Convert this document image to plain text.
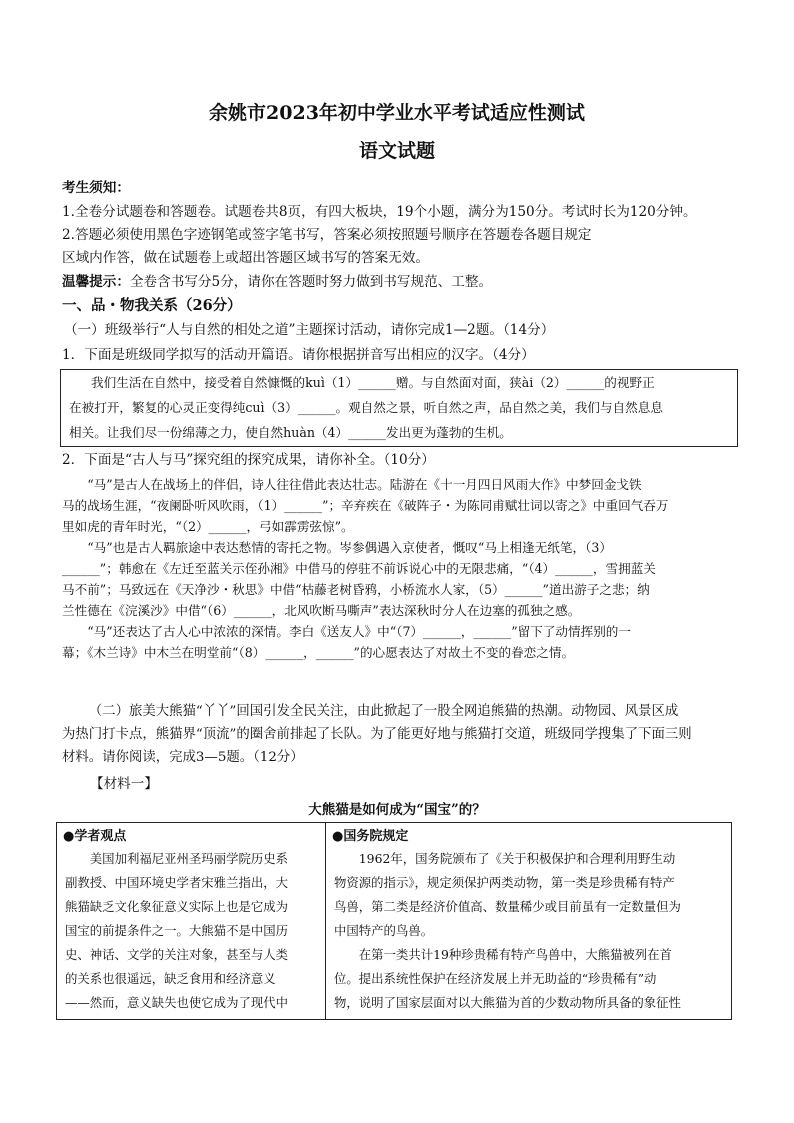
余姚市2023年初中学业水平考试适应性测试
语文试题
考生须知：
1.全卷分试题卷和答题卷。试题卷共8页，有四大板块，19个小题，满分为150分。考试时长为120分钟。
2.答题必须使用黑色字迹钢笔或签字笔书写，答案必须按照题号顺序在答题卷各题目规定
区域内作答，做在试题卷上或超出答题区域书写的答案无效。
温馨提示：全卷含书写分5分，请你在答题时努力做到书写规范、工整。
一、品・物我关系（26分）
（一）班级举行“人与自然的相处之道”主题探讨活动，请你完成1—2题。（14分）
1．下面是班级同学拟写的活动开篇语。请你根据拼音写出相应的汉字。（4分）
我们生活在自然中，接受着自然慷慨的kuì（1）______赠。与自然面对面，狭ài（2）______的视野正
在被打开，繁复的心灵正变得纯cuì（3）______。观自然之景，听自然之声，品自然之美，我们与自然息息
相关。让我们尽一份绵薄之力，使自然huàn（4）______发出更为蓬勃的生机。
2．下面是“古人与马”探究组的探究成果，请你补全。（10分）

“马”是古人在战场上的伴侣，诗人往往借此表达壮志。陆游在《十一月四日风雨大作》中梦回金戈铁

马的战场生涯，“夜阑卧听风吹雨，（1）______”；辛弃疾在《破阵子・为陈同甫赋壮词以寄之》中重回气吞万

里如虎的青年时光，“（2）______，弓如霹雳弦惊”。

“马”也是古人羁旅途中表达愁情的寄托之物。岑参偶遇入京使者，慨叹“马上相逢无纸笔，（3）

______”；韩愈在《左迁至蓝关示侄孙湘》中借马的停驻不前诉说心中的无限悲痛，“（4）______，雪拥蓝关

马不前”；马致远在《天净沙・秋思》中借“枯藤老树昏鸦，小桥流水人家，（5）______”道出游子之悲；纳

兰性德在《浣溪沙》中借“（6）______，北风吹断马嘶声”表达深秋时分人在边塞的孤独之感。

“马”还表达了古人心中浓浓的深情。李白《送友人》中“（7）______，______”留下了动情挥别的一

幕；《木兰诗》中木兰在明堂前“（8）______，______”的心愿表达了对故土不变的眷恋之情。

（二）旅美大熊猫“丫丫”回国引发全民关注，由此掀起了一股全网追熊猫的热潮。动物园、风景区成

为热门打卡点，熊猫界“顶流”的圈舍前排起了长队。为了能更好地与熊猫打交道，班级同学搜集了下面三则

材料。请你阅读，完成3—5题。（12分）

【材料一】
大熊猫是如何成为“国宝”的？
●学者观点

美国加利福尼亚州圣玛丽学院历史系

副教授、中国环境史学者宋雅兰指出，大

熊猫缺乏文化象征意义实际上也是它成为

国宝的前提条件之一。大熊猫不是中国历

史、神话、文学的关注对象，甚至与人类

的关系也很遥远，缺乏食用和经济意义

——然而，意义缺失也使它成为了现代中

●国务院规定

1962年，国务院颁布了《关于积极保护和合理利用野生动

物资源的指示》，规定须保护两类动物，第一类是珍贵稀有特产

鸟兽，第二类是经济价值高、数量稀少或目前虽有一定数量但为

中国特产的鸟兽。

在第一类共计19种珍贵稀有特产鸟兽中，大熊猫被列在首

位。提出系统性保护在经济发展上并无助益的“珍贵稀有”动

物，说明了国家层面对以大熊猫为首的少数动物所具备的象征性
